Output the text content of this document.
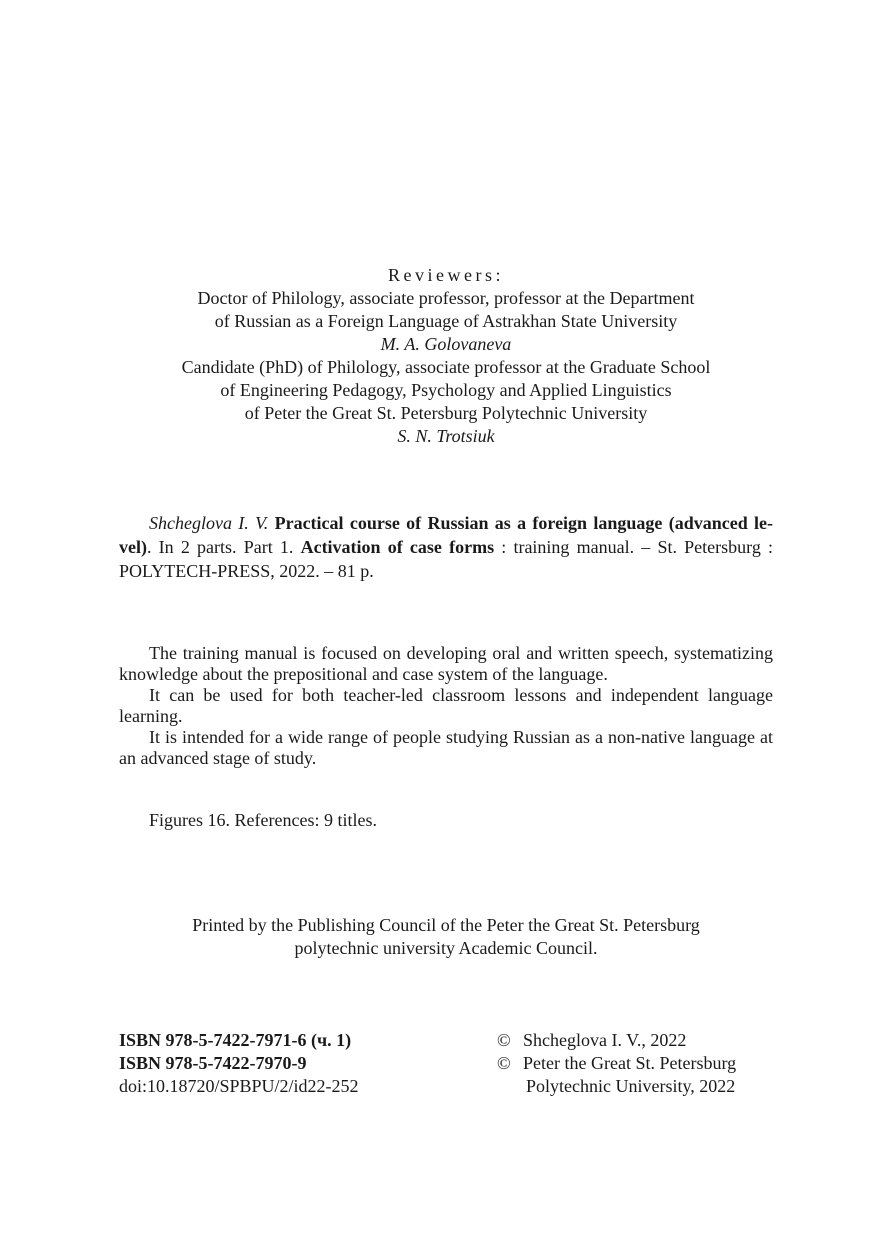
Reviewers:
Doctor of Philology, associate professor, professor at the Department
of Russian as a Foreign Language of Astrakhan State University
M. A. Golovaneva
Candidate (PhD) of Philology, associate professor at the Graduate School
of Engineering Pedagogy, Psychology and Applied Linguistics
of Peter the Great St. Petersburg Polytechnic University
S. N. Trotsiuk

Shcheglova I. V. Practical course of Russian as a foreign language (advanced le-vel). In 2 parts. Part 1. Activation of case forms : training manual. – St. Petersburg : POLYTECH-PRESS, 2022. – 81 p.

The training manual is focused on developing oral and written speech, systematizing knowledge about the prepositional and case system of the language.

It can be used for both teacher-led classroom lessons and independent language learning.

It is intended for a wide range of people studying Russian as a non-native language at an advanced stage of study.

Figures 16. References: 9 titles.
Printed by the Publishing Council of the Peter the Great St. Petersburg
polytechnic university Academic Council.
ISBN 978-5-7422-7971-6 (ч. 1)
ISBN 978-5-7422-7970-9
doi:10.18720/SPBPU/2/id22-252
© Shcheglova I. V., 2022
© Peter the Great St. Petersburg
Polytechnic University, 2022
